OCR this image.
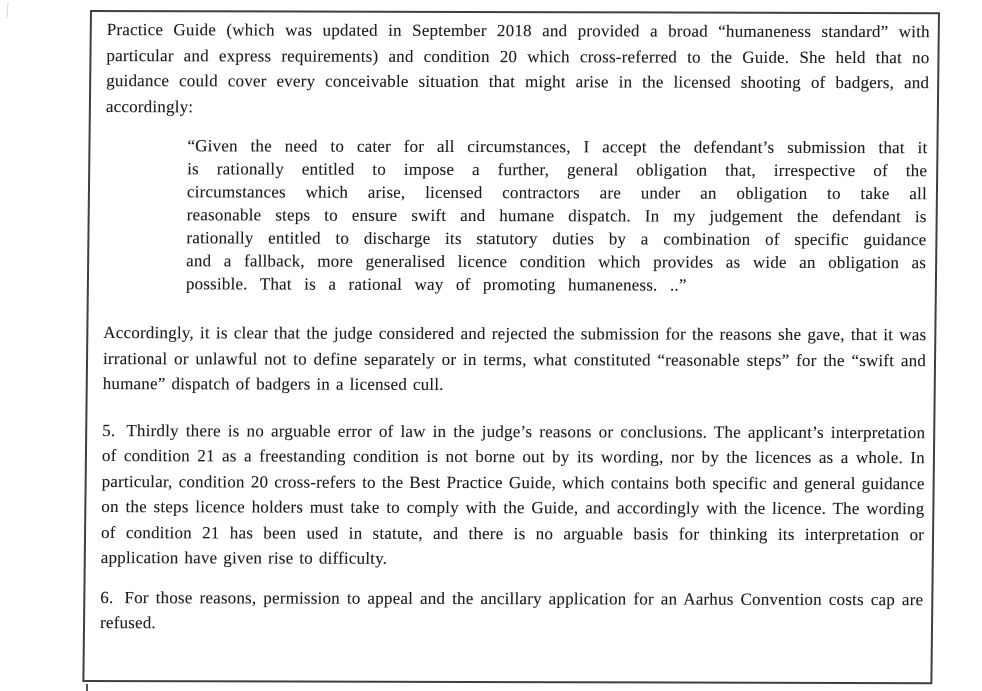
Practice Guide (which was updated in September 2018 and provided a broad “humaneness standard” with particular and express requirements) and condition 20 which cross-referred to the Guide. She held that no guidance could cover every conceivable situation that might arise in the licensed shooting of badgers, and accordingly:

“Given the need to cater for all circumstances, I accept the defendant’s submission that it is rationally entitled to impose a further, general obligation that, irrespective of the circumstances which arise, licensed contractors are under an obligation to take all reasonable steps to ensure swift and humane dispatch. In my judgement the defendant is rationally entitled to discharge its statutory duties by a combination of specific guidance and a fallback, more generalised licence condition which provides as wide an obligation as possible. That is a rational way of promoting humaneness. ..”

Accordingly, it is clear that the judge considered and rejected the submission for the reasons she gave, that it was irrational or unlawful not to define separately or in terms, what constituted “reasonable steps” for the “swift and humane” dispatch of badgers in a licensed cull.

5. Thirdly there is no arguable error of law in the judge’s reasons or conclusions. The applicant’s interpretation of condition 21 as a freestanding condition is not borne out by its wording, nor by the licences as a whole. In particular, condition 20 cross-refers to the Best Practice Guide, which contains both specific and general guidance on the steps licence holders must take to comply with the Guide, and accordingly with the licence. The wording of condition 21 has been used in statute, and there is no arguable basis for thinking its interpretation or application have given rise to difficulty.

6. For those reasons, permission to appeal and the ancillary application for an Aarhus Convention costs cap are refused.
